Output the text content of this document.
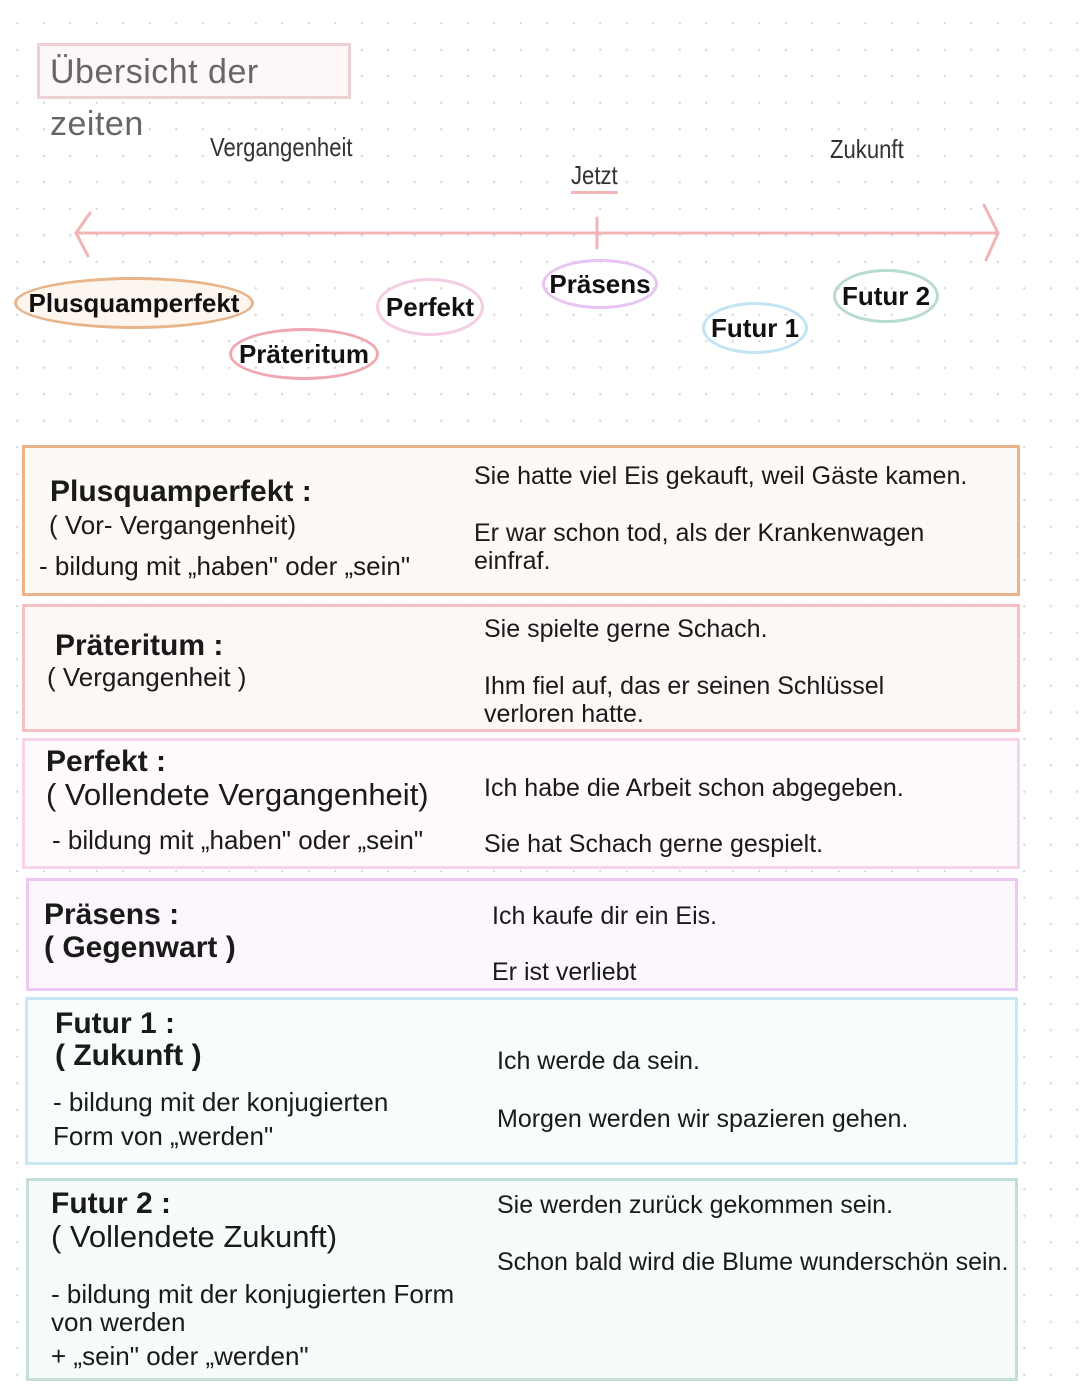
Übersicht der zeiten
Vergangenheit
Jetzt
Zukunft
Plusquamperfekt
Präteritum
Perfekt
Präsens
Futur 1
Futur 2
Plusquamperfekt :
( Vor- Vergangenheit)
- bildung mit „haben" oder „sein"
Sie hatte viel Eis gekauft, weil Gäste kamen.
Er war schon tod, als der Krankenwagen einfraf.
Präteritum :
( Vergangenheit )
Sie spielte gerne Schach.
Ihm fiel auf, das er seinen Schlüssel verloren hatte.
Perfekt :
( Vollendete Vergangenheit)
- bildung mit „haben" oder „sein"
Ich habe die Arbeit schon abgegeben.
Sie hat Schach gerne gespielt.
Präsens :
( Gegenwart )
Ich kaufe dir ein Eis.
Er ist verliebt
Futur 1 :
( Zukunft )
- bildung mit der konjugierten
Form von „werden"
Ich werde da sein.
Morgen werden wir spazieren gehen.
Futur 2 :
( Vollendete Zukunft)
- bildung mit der konjugierten Form
von werden
+ „sein" oder „werden"
Sie werden zurück gekommen sein.
Schon bald wird die Blume wunderschön sein.
